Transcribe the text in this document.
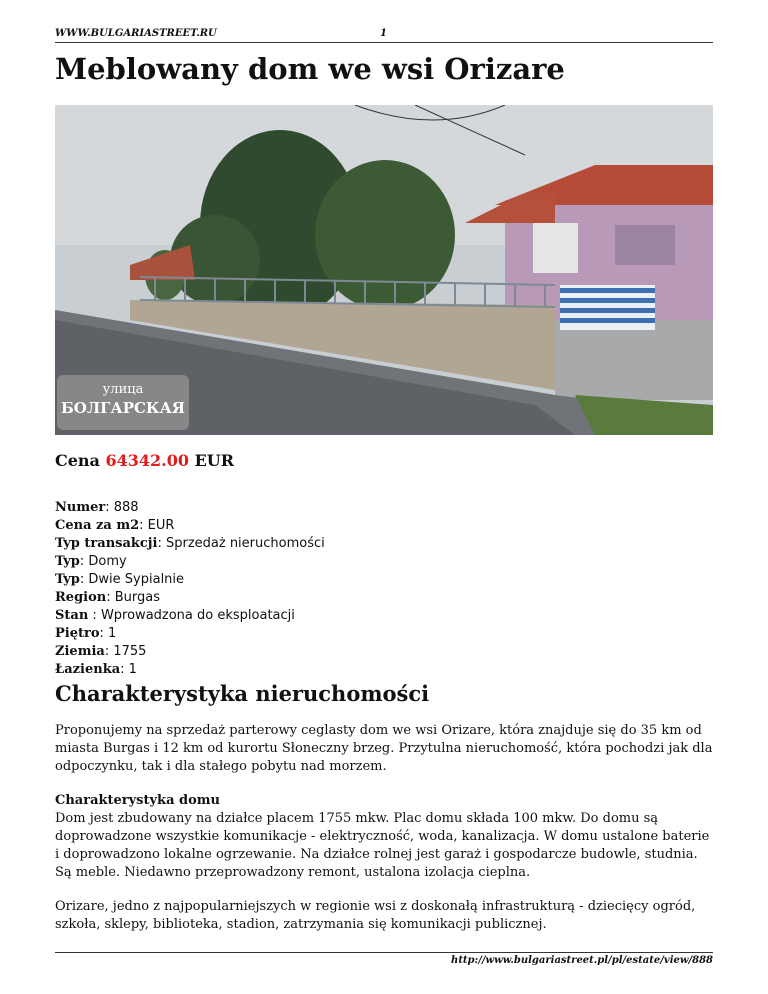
WWW.BULGARIASTREET.RU	1
Meblowany dom we wsi Orizare
улица
БОЛГАРСКАЯ
Cena 64342.00 EUR
Numer: 888
Cena za m2: EUR
Typ transakcji: Sprzedaż nieruchomości
Typ: Domy
Typ: Dwie Sypialnie
Region: Burgas
Stan : Wprowadzona do eksploatacji
Piętro: 1
Ziemia: 1755
Łazienka: 1
Charakterystyka nieruchomości

Proponujemy na sprzedaż parterowy ceglasty dom we wsi Orizare, która znajduje się do 35 km od miasta Burgas i 12 km od kurortu Słoneczny brzeg. Przytulna nieruchomość, która pochodzi jak dla odpoczynku, tak i dla stałego pobytu nad morzem.

Charakterystyka domu
Dom jest zbudowany na działce placem 1755 mkw. Plac domu składa 100 mkw. Do domu są doprowadzone wszystkie komunikacje - elektryczność, woda, kanalizacja. W domu ustalone baterie i doprowadzono lokalne ogrzewanie. Na działce rolnej jest garaż i gospodarcze budowle, studnia. Są meble. Niedawno przeprowadzony remont, ustalona izolacja cieplna.

Orizare, jedno z najpopularniejszych w regionie wsi z doskonałą infrastrukturą - dziecięcy ogród, szkoła, sklepy, biblioteka, stadion, zatrzymania się komunikacji publicznej.

http://www.bulgariastreet.pl/pl/estate/view/888
